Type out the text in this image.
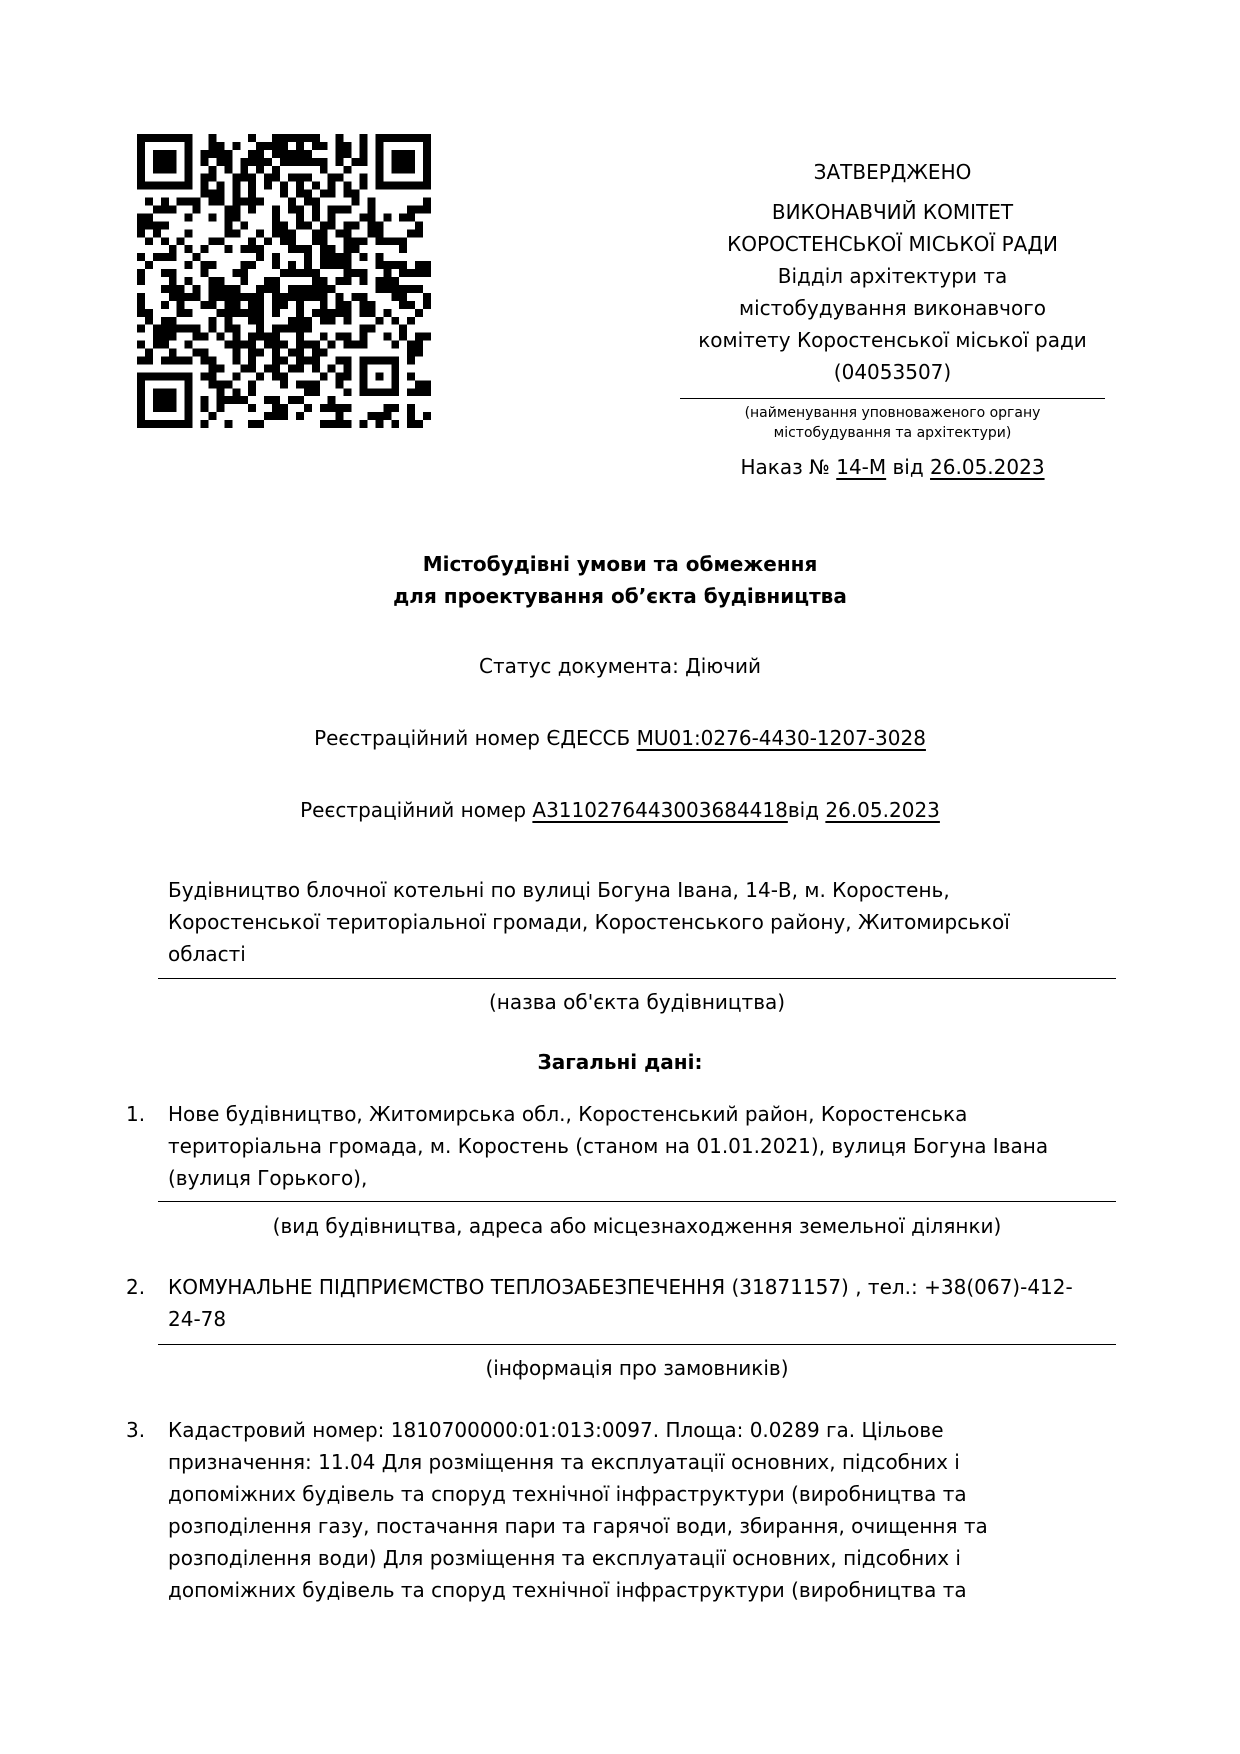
ЗАТВЕРДЖЕНО
ВИКОНАВЧИЙ КОМІТЕТ
КОРОСТЕНСЬКОЇ МІСЬКОЇ РАДИ
Відділ архітектури та
містобудування виконавчого
комітету Коростенської міської ради
(04053507)
(найменування уповноваженого органу
містобудування та архітектури)
Наказ № 14-М від 26.05.2023
Містобудівні умови та обмеження
для проектування об’єкта будівництва
Статус документа: Діючий
Реєстраційний номер ЄДЕССБ MU01:0276-4430-1207-3028
Реєстраційний номер A311027644300368441​8від 26.05.2023
Будівництво блочної котельні по вулиці Богуна Івана, 14-В, м. Коростень, Коростенської територіальної громади, Коростенського району, Житомирської області
(назва об'єкта будівництва)
Загальні дані:
1. Нове будівництво, Житомирська обл., Коростенський район, Коростенська територіальна громада, м. Коростень (станом на 01.01.2021), вулиця Богуна Івана (вулиця Горького),
(вид будівництва, адреса або місцезнаходження земельної ділянки)
2. КОМУНАЛЬНЕ ПІДПРИЄМСТВО ТЕПЛОЗАБЕЗПЕЧЕННЯ (31871157) , тел.: +38(067)-412-24-78
(інформація про замовників)
3. Кадастровий номер: 1810700000:01:013:0097. Площа: 0.0289 га. Цільове призначення: 11.04 Для розміщення та експлуатації основних, підсобних і допоміжних будівель та споруд технічної інфраструктури (виробництва та розподілення газу, постачання пари та гарячої води, збирання, очищення та розподілення води) Для розміщення та експлуатації основних, підсобних і допоміжних будівель та споруд технічної інфраструктури (виробництва та
